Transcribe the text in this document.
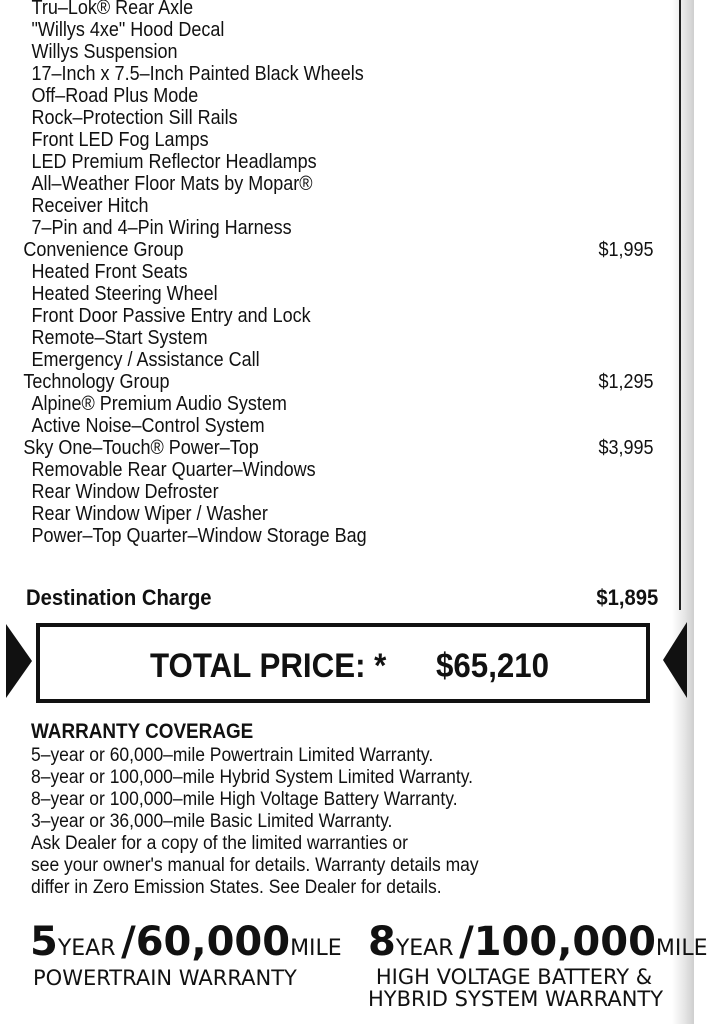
Tru–Lok® Rear Axle
"Willys 4xe" Hood Decal
Willys Suspension
17–Inch x 7.5–Inch Painted Black Wheels
Off–Road Plus Mode
Rock–Protection Sill Rails
Front LED Fog Lamps
LED Premium Reflector Headlamps
All–Weather Floor Mats by Mopar®
Receiver Hitch
7–Pin and 4–Pin Wiring Harness
Convenience Group	$1,995
Heated Front Seats
Heated Steering Wheel
Front Door Passive Entry and Lock
Remote–Start System
Emergency / Assistance Call
Technology Group	$1,295
Alpine® Premium Audio System
Active Noise–Control System
Sky One–Touch® Power–Top	$3,995
Removable Rear Quarter–Windows
Rear Window Defroster
Rear Window Wiper / Washer
Power–Top Quarter–Window Storage Bag
Destination Charge	$1,895
TOTAL PRICE: * $65,210
WARRANTY COVERAGE
5–year or 60,000–mile Powertrain Limited Warranty.
8–year or 100,000–mile Hybrid System Limited Warranty.
8–year or 100,000–mile High Voltage Battery Warranty.
3–year or 36,000–mile Basic Limited Warranty.
Ask Dealer for a copy of the limited warranties or
see your owner's manual for details. Warranty details may
differ in Zero Emission States. See Dealer for details.
5YEAR /60,000MILE
POWERTRAIN WARRANTY
8YEAR /100,000MILE
HIGH VOLTAGE BATTERY &
HYBRID SYSTEM WARRANTY
